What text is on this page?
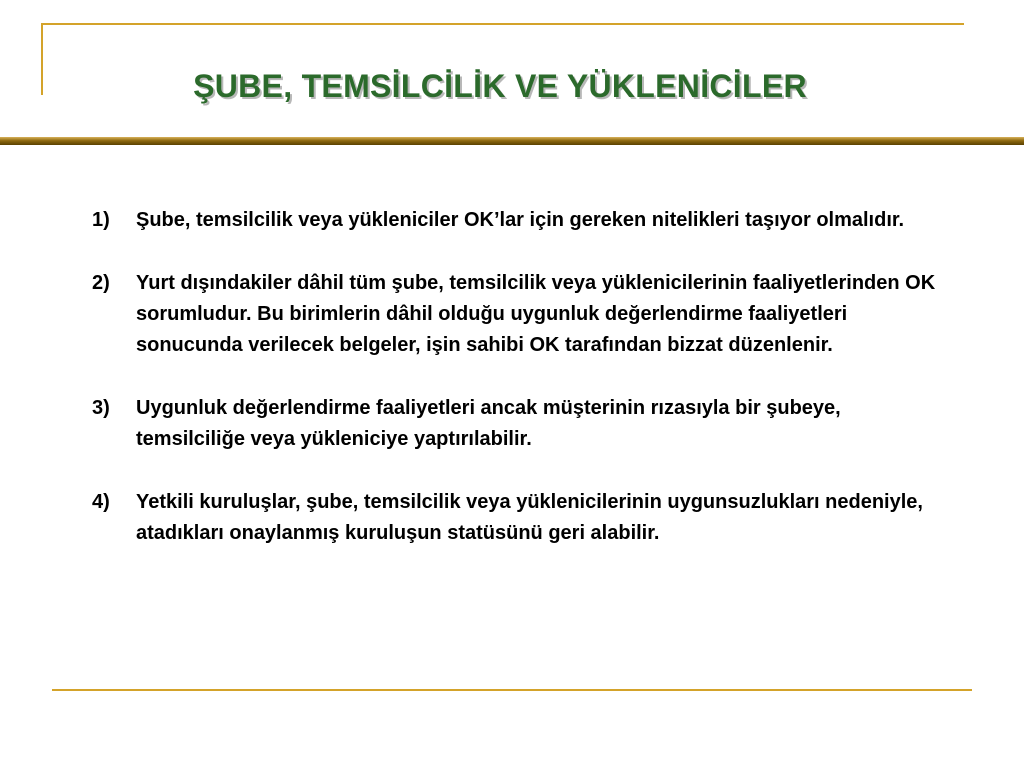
ŞUBE, TEMSİLCİLİK VE YÜKLENİCİLER
1)	Şube, temsilcilik veya yükleniciler OK’lar için gereken nitelikleri taşıyor olmalıdır.
2)	Yurt dışındakiler dâhil tüm şube, temsilcilik veya yüklenicilerinin faaliyetlerinden OK sorumludur. Bu birimlerin dâhil olduğu uygunluk değerlendirme faaliyetleri sonucunda verilecek belgeler, işin sahibi OK tarafından bizzat düzenlenir.
3)	Uygunluk değerlendirme faaliyetleri ancak müşterinin rızasıyla bir şubeye, temsilciliğe veya yükleniciye yaptırılabilir.
4)	Yetkili kuruluşlar, şube, temsilcilik veya yüklenicilerinin uygunsuzlukları nedeniyle, atadıkları onaylanmış kuruluşun statüsünü geri alabilir.
